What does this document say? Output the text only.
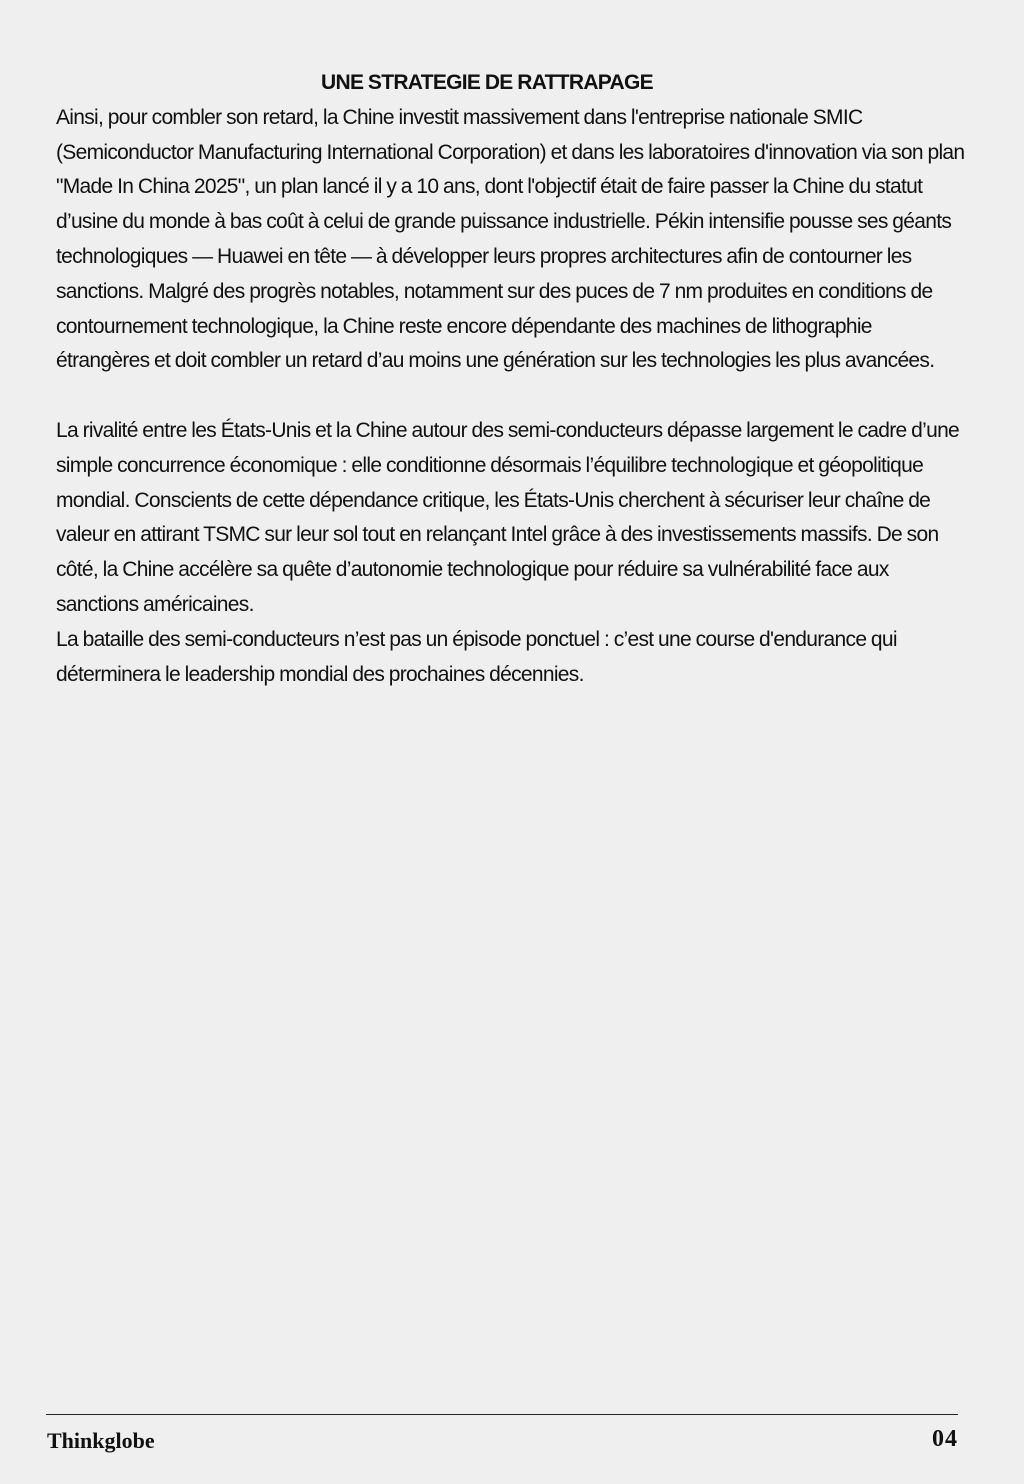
UNE STRATEGIE DE RATTRAPAGE

Ainsi, pour combler son retard, la Chine investit massivement dans l'entreprise nationale SMIC (Semiconductor Manufacturing International Corporation) et dans les laboratoires d'innovation via son plan "Made In China 2025", un plan lancé il y a 10 ans, dont l'objectif était de faire passer la Chine du statut d’usine du monde à bas coût à celui de grande puissance industrielle. Pékin intensifie pousse ses géants technologiques — Huawei en tête — à développer leurs propres architectures afin de contourner les sanctions. Malgré des progrès notables, notamment sur des puces de 7 nm produites en conditions de contournement technologique, la Chine reste encore dépendante des machines de lithographie étrangères et doit combler un retard d’au moins une génération sur les technologies les plus avancées.

La rivalité entre les États-Unis et la Chine autour des semi-conducteurs dépasse largement le cadre d’une simple concurrence économique : elle conditionne désormais l’équilibre technologique et géopolitique mondial. Conscients de cette dépendance critique, les États-Unis cherchent à sécuriser leur chaîne de valeur en attirant TSMC sur leur sol tout en relançant Intel grâce à des investissements massifs. De son côté, la Chine accélère sa quête d’autonomie technologique pour réduire sa vulnérabilité face aux sanctions américaines.

La bataille des semi-conducteurs n’est pas un épisode ponctuel : c’est une course d'endurance qui déterminera le leadership mondial des prochaines décennies.

Thinkglobe	04
